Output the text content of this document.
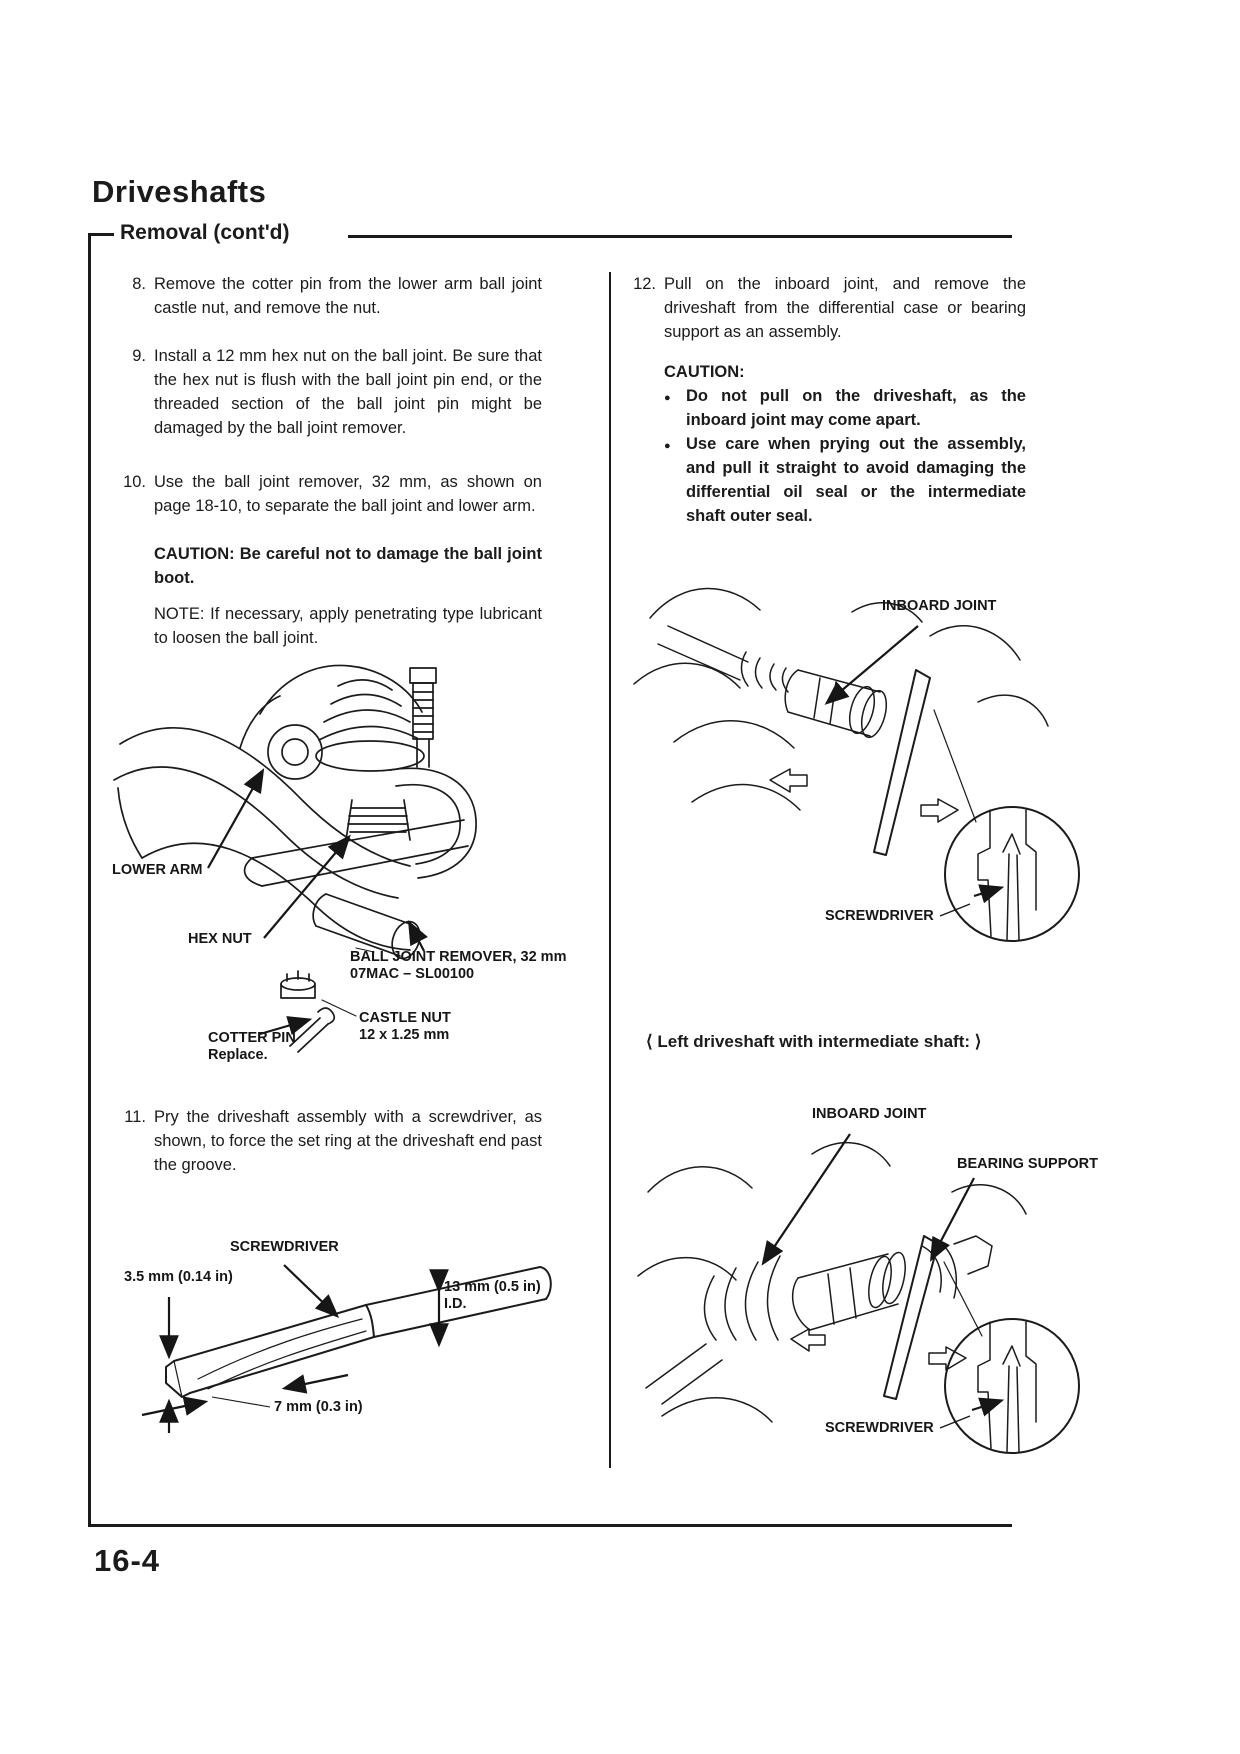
Driveshafts
Removal (cont'd)
8. Remove the cotter pin from the lower arm ball joint castle nut, and remove the nut.
9. Install a 12 mm hex nut on the ball joint. Be sure that the hex nut is flush with the ball joint pin end, or the threaded section of the ball joint pin might be damaged by the ball joint remover.
10. Use the ball joint remover, 32 mm, as shown on page 18-10, to separate the ball joint and lower arm.
CAUTION: Be careful not to damage the ball joint boot.
NOTE: If necessary, apply penetrating type lubricant to loosen the ball joint.
LOWER ARM
HEX NUT
BALL JOINT REMOVER, 32 mm
07MAC – SL00100
CASTLE NUT
12 x 1.25 mm
COTTER PIN
Replace.
11. Pry the driveshaft assembly with a screwdriver, as shown, to force the set ring at the driveshaft end past the groove.
SCREWDRIVER
3.5 mm (0.14 in)
13 mm (0.5 in)
I.D.
7 mm (0.3 in)
12. Pull on the inboard joint, and remove the driveshaft from the differential case or bearing support as an assembly.
CAUTION:
● Do not pull on the driveshaft, as the inboard joint may come apart.
● Use care when prying out the assembly, and pull it straight to avoid damaging the differential oil seal or the intermediate shaft outer seal.
INBOARD JOINT
SCREWDRIVER
⟨ Left driveshaft with intermediate shaft: ⟩
INBOARD JOINT
BEARING SUPPORT
SCREWDRIVER
16-4
